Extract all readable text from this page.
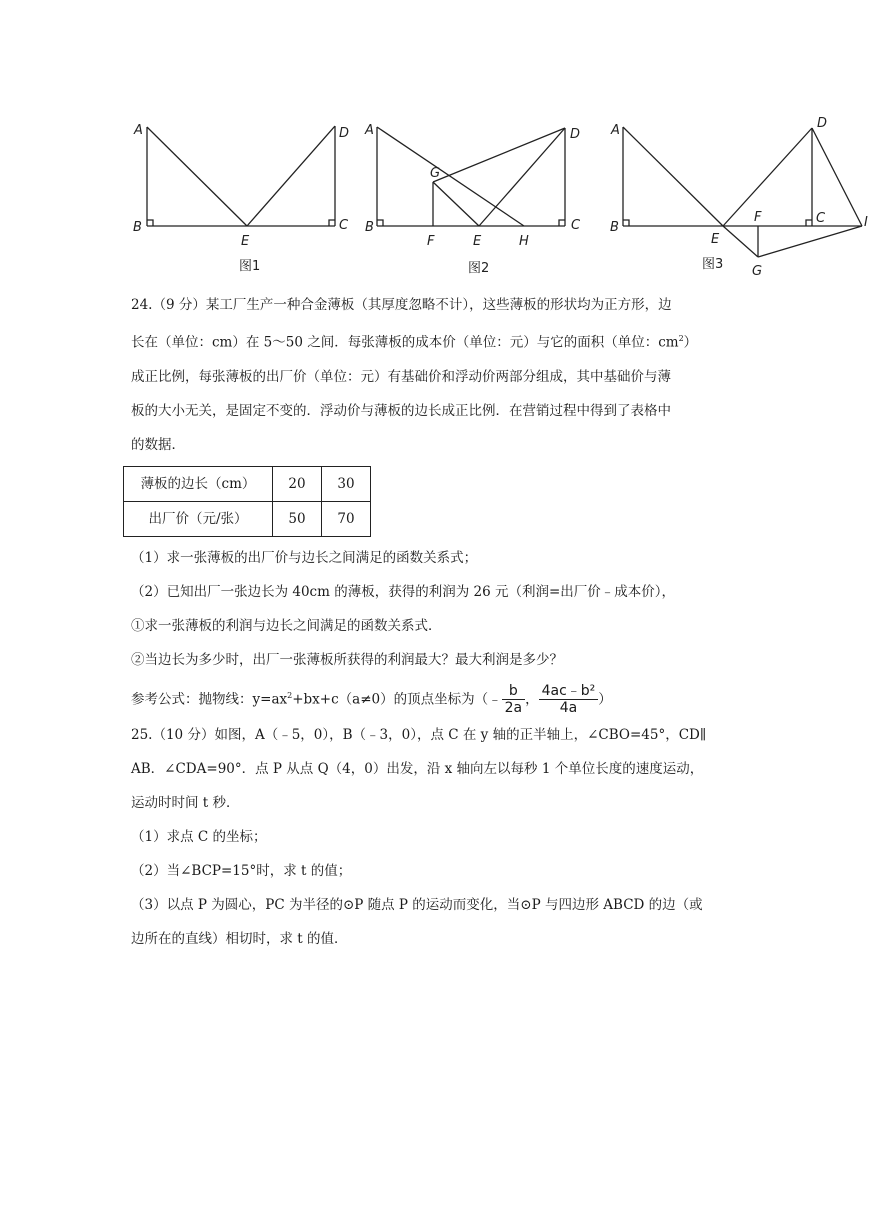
A
B
E
D
C
图1
A
B
F	E	H
C
G
D
图2
A
B
E
F	C
D
G
I
图3

24.（9 分）某工厂生产一种合金薄板（其厚度忽略不计），这些薄板的形状均为正方形，边

长在（单位：cm）在 5～50 之间．每张薄板的成本价（单位：元）与它的面积（单位：$cm^2$）

成正比例，每张薄板的出厂价（单位：元）有基础价和浮动价两部分组成，其中基础价与薄

板的大小无关，是固定不变的．浮动价与薄板的边长成正比例．在营销过程中得到了表格中

的数据．

薄板的边长（cm）	20	30
出厂价（元/张）	50	70

（1）求一张薄板的出厂价与边长之间满足的函数关系式；

（2）已知出厂一张边长为 40cm 的薄板，获得的利润为 26 元（利润=出厂价﹣成本价），

①求一张薄板的利润与边长之间满足的函数关系式．

②当边长为多少时，出厂一张薄板所获得的利润最大？最大利润是多少？

参考公式：抛物线：$y=ax^2+bx+c(a\ne 0)$的顶点坐标为（﹣ $\frac{b}{2a}$ ， $\frac{\text{4ac﹣b²}}{4a}$ ）

25.（10 分）如图，A（﹣5，0），B（﹣3，0），点 C 在 y 轴的正半轴上，∠CBO=45°，CD∥

AB．∠CDA=90°．点 P 从点 Q（4，0）出发，沿 x 轴向左以每秒 1 个单位长度的速度运动，

运动时时间 t 秒．

（1）求点 C 的坐标；

（2）当∠BCP=15°时，求 t 的值；

（3）以点 P 为圆心，PC 为半径的⊙P 随点 P 的运动而变化，当⊙P 与四边形 ABCD 的边（或

边所在的直线）相切时，求 t 的值．
